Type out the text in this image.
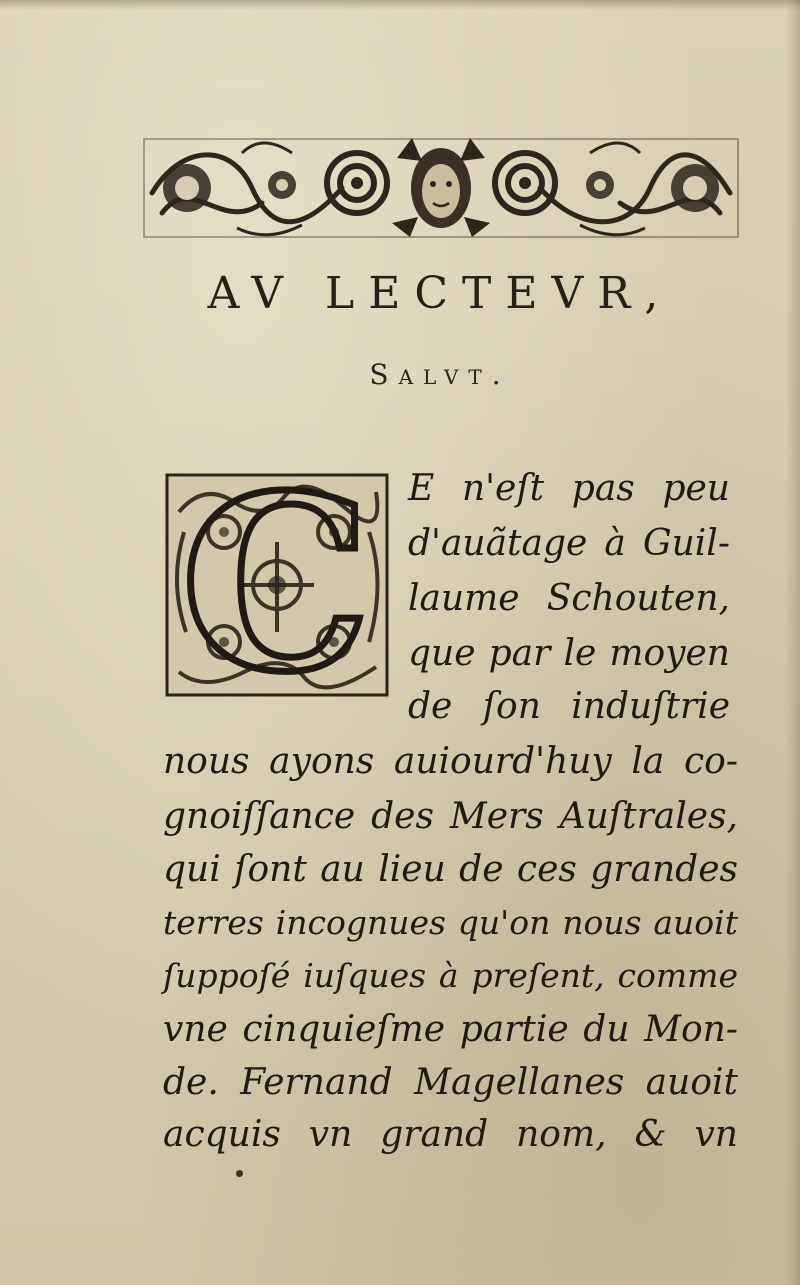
AV LECTEVR,
Salvt.
C E n'eſt pas peu
d'auãtage à Guil-
laume Schouten,
que par le moyen
de ſon induſtrie
nous ayons auiourd'huy la co-
gnoiſſance des Mers Auſtrales,
qui ſont au lieu de ces grandes
terres incognues qu'on nous auoit
ſuppoſé iuſques à preſent, comme
vne cinquieſme partie du Mon-
de. Fernand Magellanes auoit
acquis vn grand nom, & vn
